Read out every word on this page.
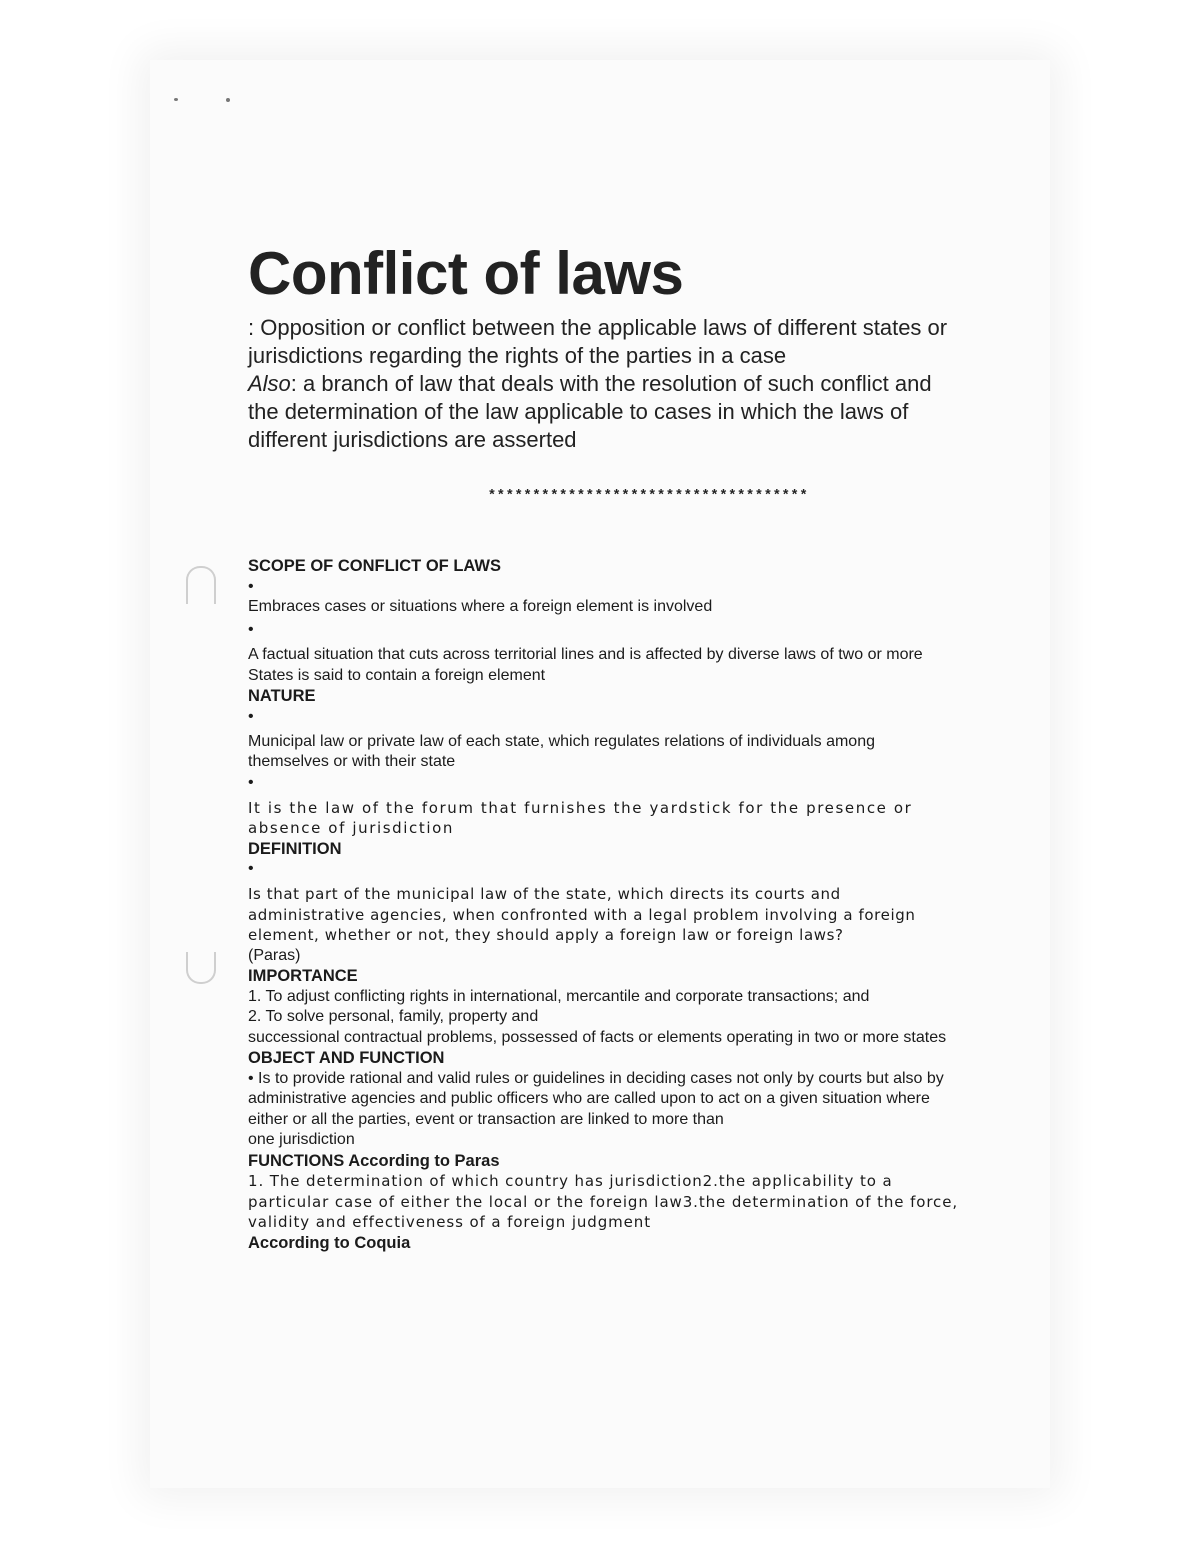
Conflict of laws

: Opposition or conflict between the applicable laws of different states or jurisdictions regarding the rights of the parties in a case
Also: a branch of law that deals with the resolution of such conflict and the determination of the law applicable to cases in which the laws of different jurisdictions are asserted

************************************

SCOPE OF CONFLICT OF LAWS

•

Embraces cases or situations where a foreign element is involved

•

A factual situation that cuts across territorial lines and is affected by diverse laws of two or more States is said to contain a foreign element

NATURE

•

Municipal law or private law of each state, which regulates relations of individuals among themselves or with their state

•

It is the law of the forum that furnishes the yardstick for the presence or absence of jurisdiction

DEFINITION

•

Is that part of the municipal law of the state, which directs its courts and administrative agencies, when confronted with a legal problem involving a foreign element, whether or not, they should apply a foreign law or foreign laws?

(Paras)

IMPORTANCE

1. To adjust conflicting rights in international, mercantile and corporate transactions; and

2. To solve personal, family, property and

successional contractual problems, possessed of facts or elements operating in two or more states

OBJECT AND FUNCTION

• Is to provide rational and valid rules or guidelines in deciding cases not only by courts but also by administrative agencies and public officers who are called upon to act on a given situation where either or all the parties, event or transaction are linked to more than

one jurisdiction

FUNCTIONS According to Paras

1. The determination of which country has jurisdiction2.the applicability to a particular case of either the local or the foreign law3.the determination of the force, validity and effectiveness of a foreign judgment

According to Coquia
